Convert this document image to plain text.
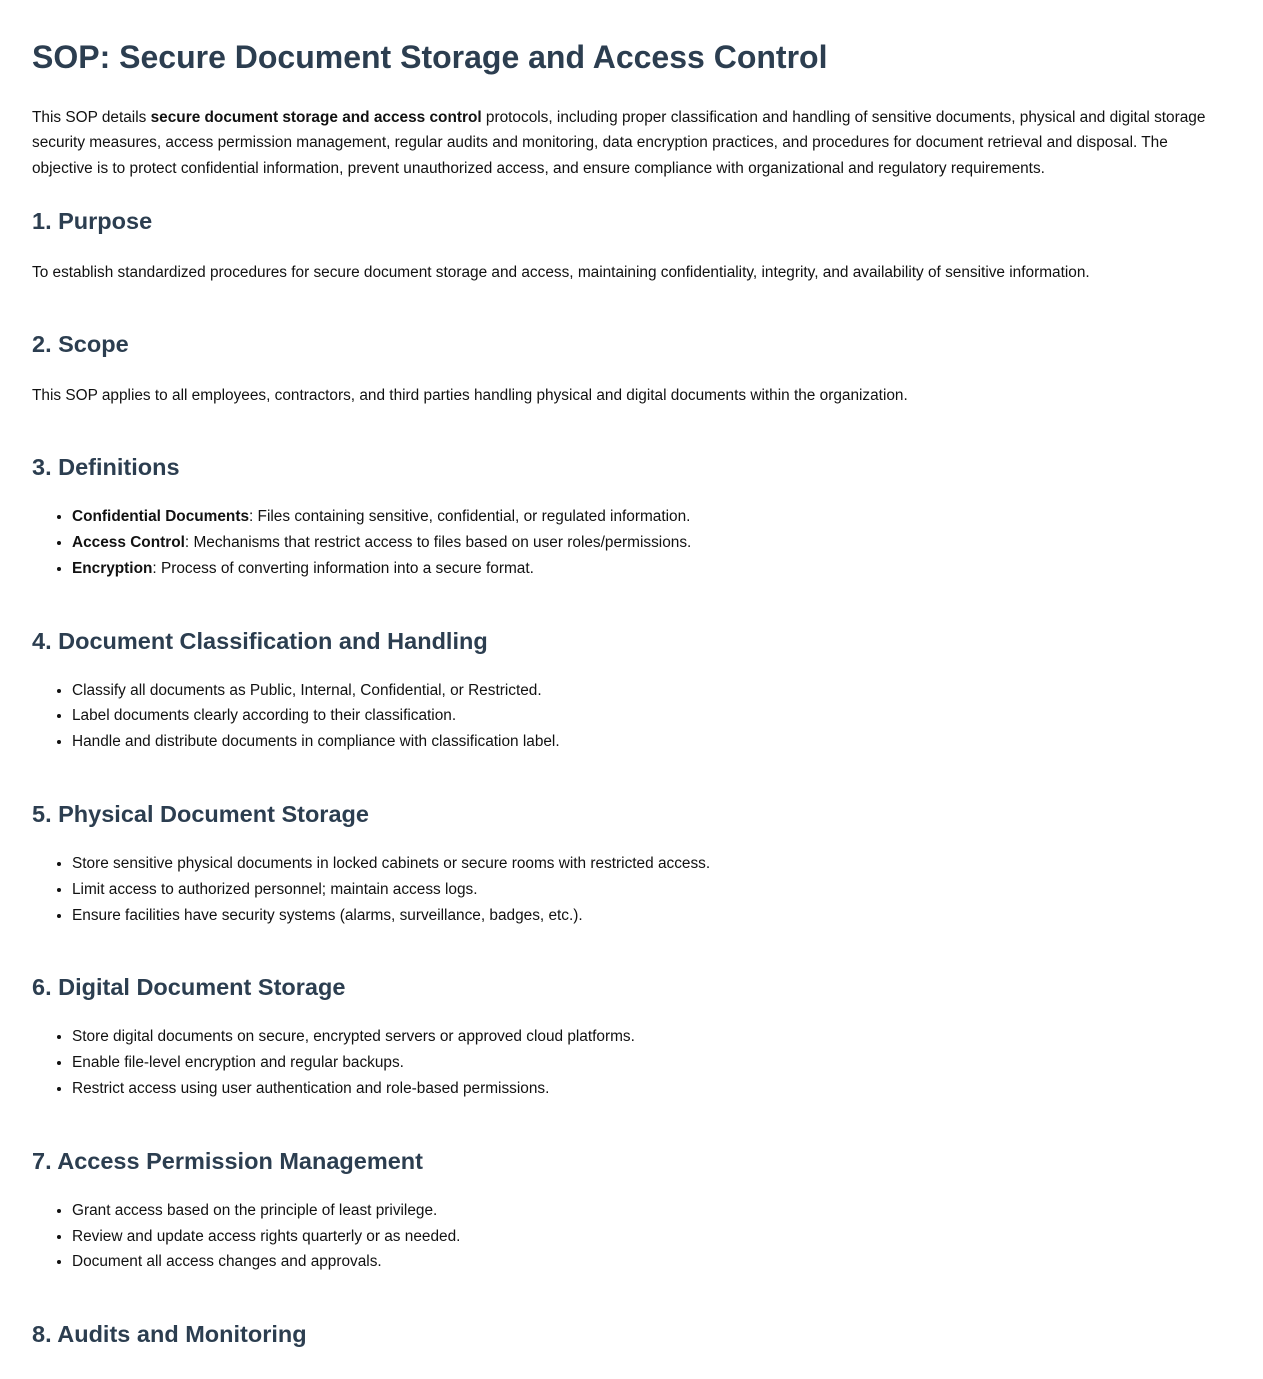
SOP: Secure Document Storage and Access Control

This SOP details secure document storage and access control protocols, including proper classification and handling of sensitive documents, physical and digital storage security measures, access permission management, regular audits and monitoring, data encryption practices, and procedures for document retrieval and disposal. The objective is to protect confidential information, prevent unauthorized access, and ensure compliance with organizational and regulatory requirements.

1. Purpose

To establish standardized procedures for secure document storage and access, maintaining confidentiality, integrity, and availability of sensitive information.

2. Scope

This SOP applies to all employees, contractors, and third parties handling physical and digital documents within the organization.

3. Definitions
• Confidential Documents: Files containing sensitive, confidential, or regulated information.
• Access Control: Mechanisms that restrict access to files based on user roles/permissions.
• Encryption: Process of converting information into a secure format.
4. Document Classification and Handling
• Classify all documents as Public, Internal, Confidential, or Restricted.
• Label documents clearly according to their classification.
• Handle and distribute documents in compliance with classification label.
5. Physical Document Storage
• Store sensitive physical documents in locked cabinets or secure rooms with restricted access.
• Limit access to authorized personnel; maintain access logs.
• Ensure facilities have security systems (alarms, surveillance, badges, etc.).
6. Digital Document Storage
• Store digital documents on secure, encrypted servers or approved cloud platforms.
• Enable file-level encryption and regular backups.
• Restrict access using user authentication and role-based permissions.
7. Access Permission Management
• Grant access based on the principle of least privilege.
• Review and update access rights quarterly or as needed.
• Document all access changes and approvals.
8. Audits and Monitoring
